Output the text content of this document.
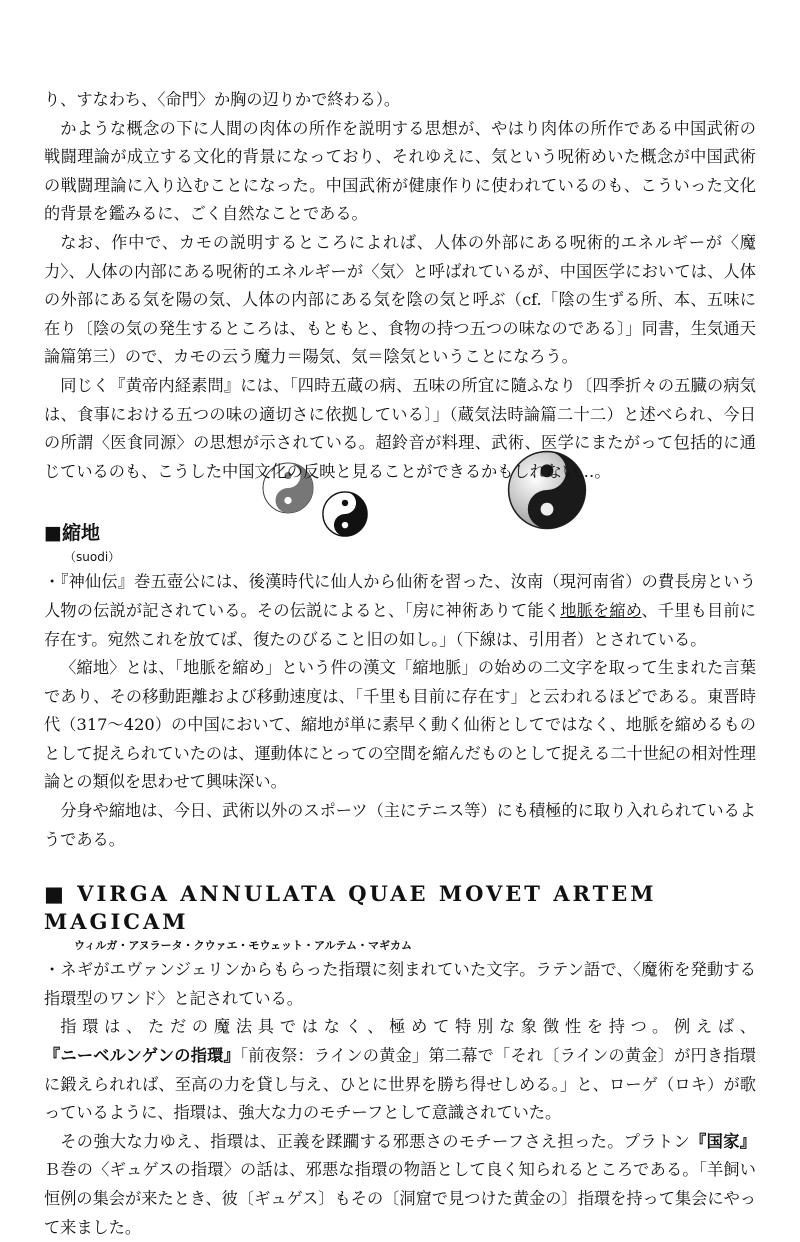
り、すなわち、〈命門〉か胸の辺りかで終わる）。

かような概念の下に人間の肉体の所作を説明する思想が、やはり肉体の所作である中国武術の戦闘理論が成立する文化的背景になっており、それゆえに、気という呪術めいた概念が中国武術の戦闘理論に入り込むことになった。中国武術が健康作りに使われているのも、こういった文化的背景を鑑みるに、ごく自然なことである。

なお、作中で、カモの説明するところによれば、人体の外部にある呪術的エネルギーが〈魔力〉、人体の内部にある呪術的エネルギーが〈気〉と呼ばれているが、中国医学においては、人体の外部にある気を陽の気、人体の内部にある気を陰の気と呼ぶ（cf.「陰の生ずる所、本、五味に在り〔陰の気の発生するところは、もともと、食物の持つ五つの味なのである〕」同書，生気通天論篇第三）ので、カモの云う魔力＝陽気、気＝陰気ということになろう。

同じく『黄帝内経素問』には、「四時五蔵の病、五味の所宜に隨ふなり〔四季折々の五臓の病気は、食事における五つの味の適切さに依拠している〕」（蔵気法時論篇二十二）と述べられ、今日の所謂〈医食同源〉の思想が示されている。超鈴音が料理、武術、医学にまたがって包括的に通じているのも、こうした中国文化の反映と見ることができるかもしれない…。

■縮地
（suodi）

・『神仙伝』巻五壺公には、後漢時代に仙人から仙術を習った、汝南（現河南省）の費長房という人物の伝説が記されている。その伝説によると、「房に神術ありて能く地脈を縮め、千里も目前に存在す。宛然これを放てば、復たのびること旧の如し。」（下線は、引用者）とされている。

〈縮地〉とは、「地脈を縮め」という件の漢文「縮地脈」の始めの二文字を取って生まれた言葉であり、その移動距離および移動速度は、「千里も目前に存在す」と云われるほどである。東晋時代（317～420）の中国において、縮地が単に素早く動く仙術としてではなく、地脈を縮めるものとして捉えられていたのは、運動体にとっての空間を縮んだものとして捉える二十世紀の相対性理論との類似を思わせて興味深い。

分身や縮地は、今日、武術以外のスポーツ（主にテニス等）にも積極的に取り入れられているようである。

■ VIRGA ANNULATA QUAE MOVET ARTEM MAGICAM
ウィルガ・アヌラータ・クウァエ・モウェット・アルテム・マギカム

・ネギがエヴァンジェリンからもらった指環に刻まれていた文字。ラテン語で、〈魔術を発動する指環型のワンド〉と記されている。

指環は、ただの魔法具ではなく、極めて特別な象徴性を持つ。例えば、『ニーベルンゲンの指環』「前夜祭：ラインの黄金」第二幕で「それ〔ラインの黄金〕が円き指環に鍛えられれば、至高の力を貸し与え、ひとに世界を勝ち得せしめる。」と、ローゲ（ロキ）が歌っているように、指環は、強大な力のモチーフとして意識されていた。

その強大な力ゆえ、指環は、正義を蹂躙する邪悪さのモチーフさえ担った。プラトン『国家』Ｂ巻の〈ギュゲスの指環〉の話は、邪悪な指環の物語として良く知られるところである。「羊飼い恒例の集会が来たとき、彼〔ギュゲス〕もその〔洞窟で見つけた黄金の〕指環を持って集会にやって来ました。
